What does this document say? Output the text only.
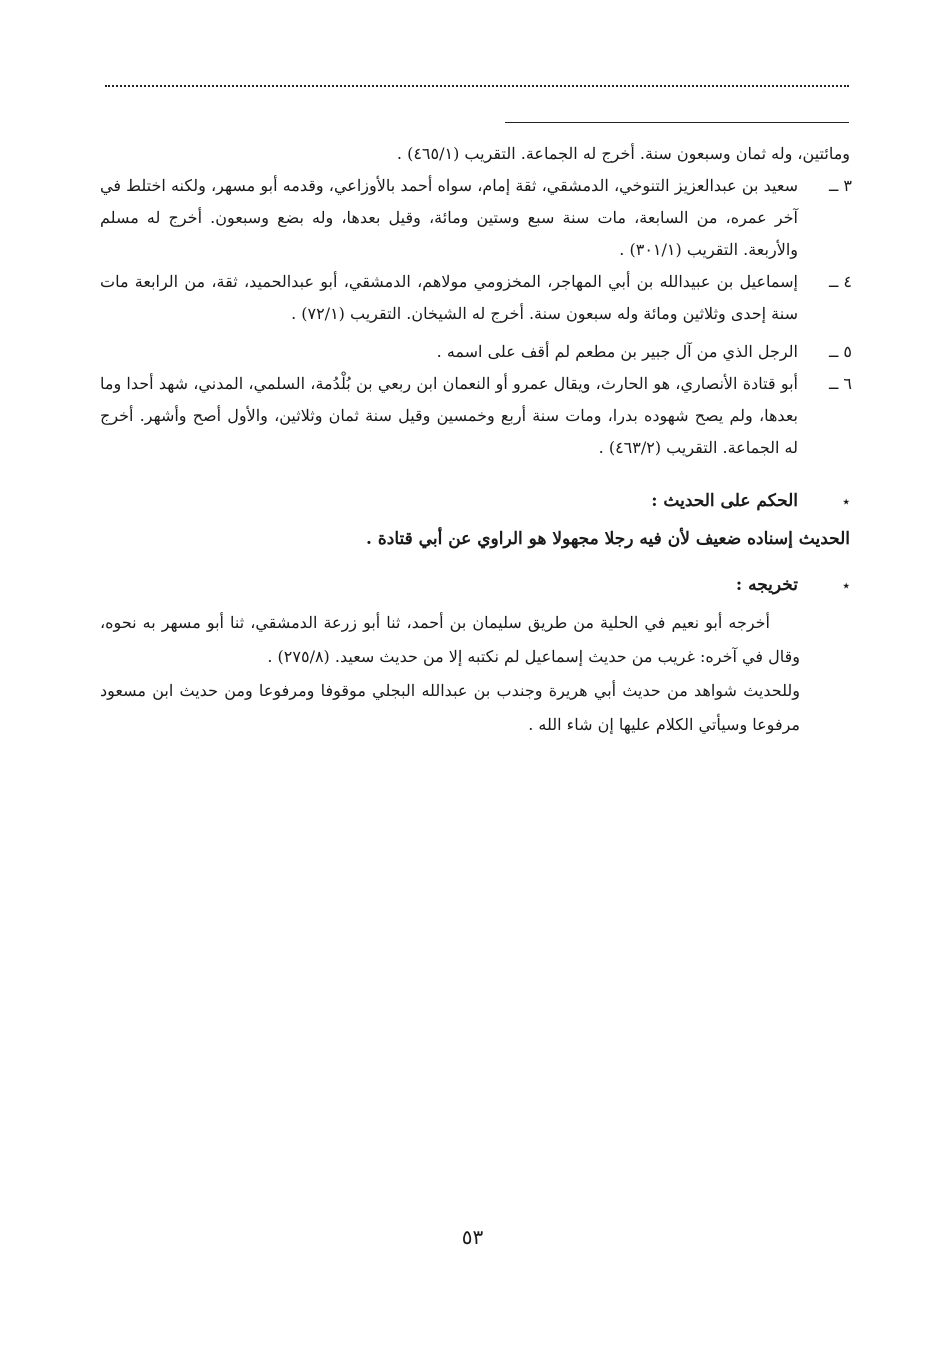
ومائتين، وله ثمان وسبعون سنة. أخرج له الجماعة. التقريب (٤٦٥/١) .
٣ ــ
سعيد بن عبدالعزيز التنوخي، الدمشقي، ثقة إمام، سواه أحمد بالأوزاعي، وقدمه أبو مسهر، ولكنه اختلط في آخر عمره، من السابعة، مات سنة سبع وستين ومائة، وقيل بعدها، وله بضع وسبعون. أخرج له مسلم والأربعة. التقريب (٣٠١/١) .
٤ ــ
إسماعيل بن عبيدالله بن أبي المهاجر، المخزومي مولاهم، الدمشقي، أبو عبدالحميد، ثقة، من الرابعة مات سنة إحدى وثلاثين ومائة وله سبعون سنة. أخرج له الشيخان. التقريب (٧٢/١) .
٥ ــ
الرجل الذي من آل جبير بن مطعم لم أقف على اسمه .
٦ ــ
أبو قتادة الأنصاري، هو الحارث، ويقال عمرو أو النعمان ابن ربعي بن بُلْدُمة، السلمي، المدني، شهد أحدا وما بعدها، ولم يصح شهوده بدرا، ومات سنة أربع وخمسين وقيل سنة ثمان وثلاثين، والأول أصح وأشهر. أخرج له الجماعة. التقريب (٤٦٣/٢) .
٭الحكم على الحديث :
الحديث إسناده ضعيف لأن فيه رجلا مجهولا هو الراوي عن أبي قتادة .
٭تخريجه :
أخرجه أبو نعيم في الحلية من طريق سليمان بن أحمد، ثنا أبو زرعة الدمشقي، ثنا أبو مسهر به نحوه، وقال في آخره: غريب من حديث إسماعيل لم نكتبه إلا من حديث سعيد. (٢٧٥/٨) .
وللحديث شواهد من حديث أبي هريرة وجندب بن عبدالله البجلي موقوفا ومرفوعا ومن حديث ابن مسعود مرفوعا وسيأتي الكلام عليها إن شاء الله .
٥٣
